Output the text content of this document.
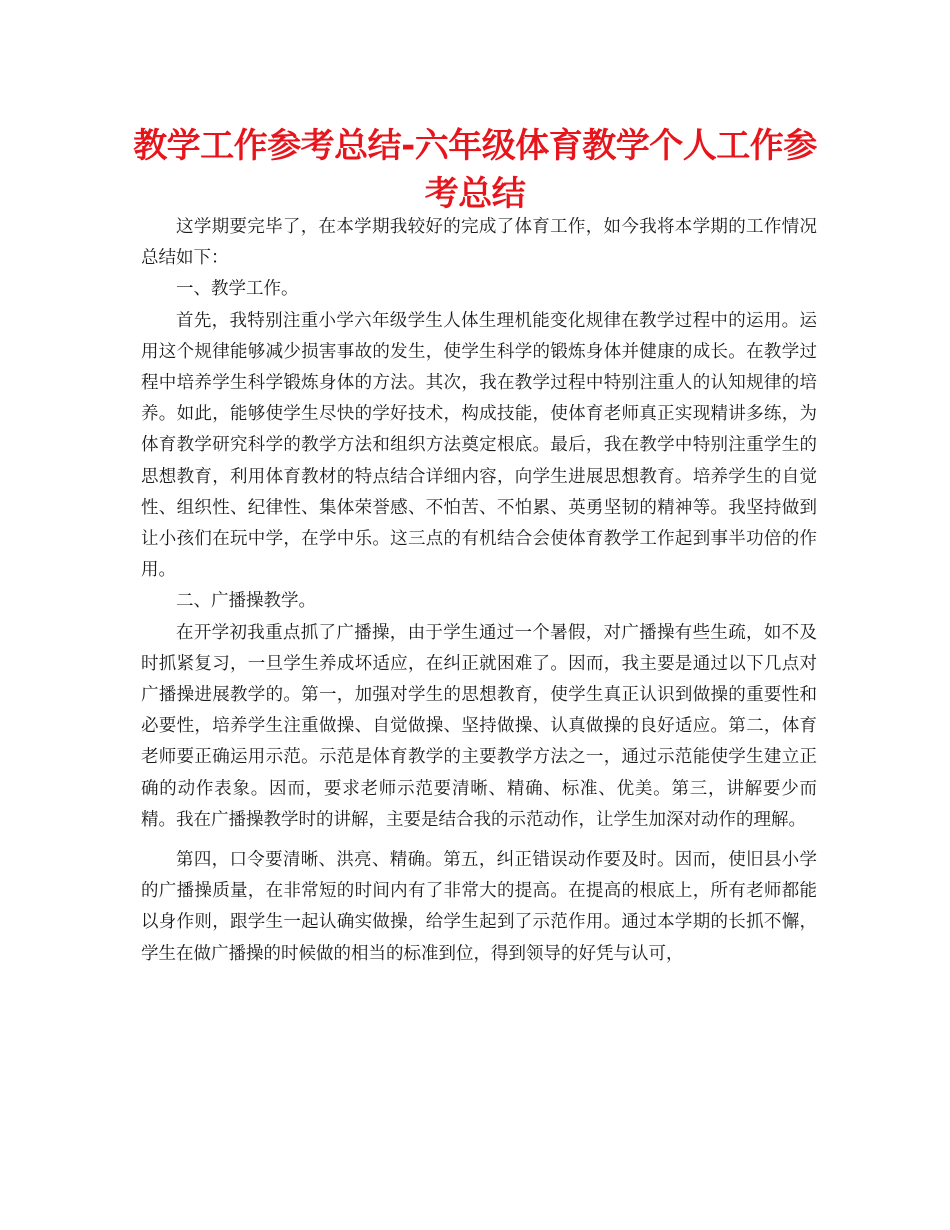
教学工作参考总结-六年级体育教学个人工作参考总结

这学期要完毕了，在本学期我较好的完成了体育工作，如今我将本学期的工作情况总结如下：

一、教学工作。

首先，我特别注重小学六年级学生人体生理机能变化规律在教学过程中的运用。运用这个规律能够减少损害事故的发生，使学生科学的锻炼身体并健康的成长。在教学过程中培养学生科学锻炼身体的方法。其次，我在教学过程中特别注重人的认知规律的培养。如此，能够使学生尽快的学好技术，构成技能，使体育老师真正实现精讲多练，为体育教学研究科学的教学方法和组织方法奠定根底。最后，我在教学中特别注重学生的思想教育，利用体育教材的特点结合详细内容，向学生进展思想教育。培养学生的自觉性、组织性、纪律性、集体荣誉感、不怕苦、不怕累、英勇坚韧的精神等。我坚持做到让小孩们在玩中学，在学中乐。这三点的有机结合会使体育教学工作起到事半功倍的作用。

二、广播操教学。

在开学初我重点抓了广播操，由于学生通过一个暑假，对广播操有些生疏，如不及时抓紧复习，一旦学生养成坏适应，在纠正就困难了。因而，我主要是通过以下几点对广播操进展教学的。第一，加强对学生的思想教育，使学生真正认识到做操的重要性和必要性，培养学生注重做操、自觉做操、坚持做操、认真做操的良好适应。第二，体育老师要正确运用示范。示范是体育教学的主要教学方法之一，通过示范能使学生建立正确的动作表象。因而，要求老师示范要清晰、精确、标准、优美。第三，讲解要少而精。我在广播操教学时的讲解，主要是结合我的示范动作，让学生加深对动作的理解。

第四，口令要清晰、洪亮、精确。第五，纠正错误动作要及时。因而，使旧县小学的广播操质量，在非常短的时间内有了非常大的提高。在提高的根底上，所有老师都能以身作则，跟学生一起认确实做操，给学生起到了示范作用。通过本学期的长抓不懈，学生在做广播操的时候做的相当的标准到位，得到领导的好凭与认可，
